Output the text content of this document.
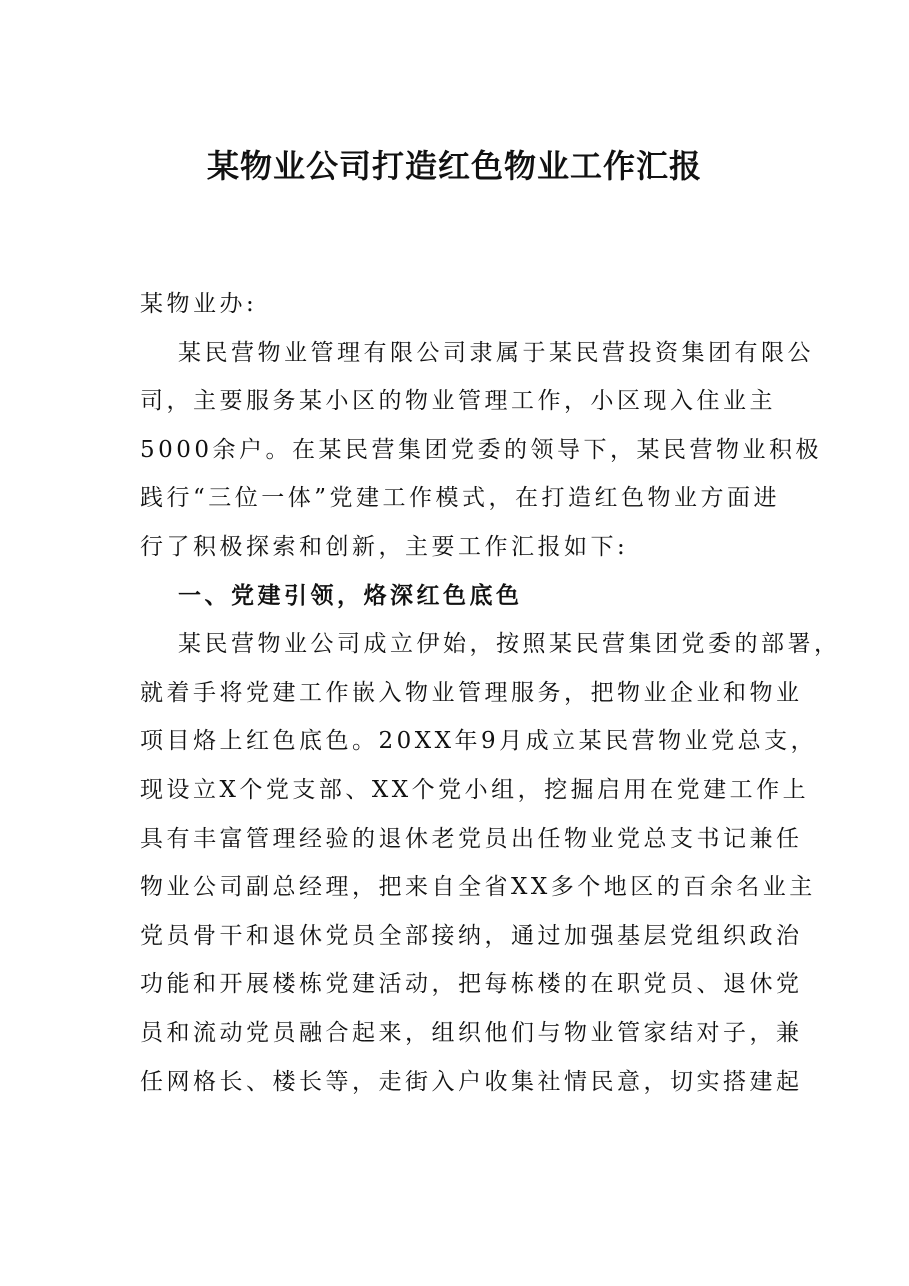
某物业公司打造红色物业工作汇报
某物业办:
某民营物业管理有限公司隶属于某民营投资集团有限公
司，主要服务某小区的物业管理工作，小区现入住业主
5000余户。在某民营集团党委的领导下，某民营物业积极
践行“三位一体”党建工作模式，在打造红色物业方面进
行了积极探索和创新，主要工作汇报如下:
一、党建引领，烙深红色底色
某民营物业公司成立伊始，按照某民营集团党委的部署，
就着手将党建工作嵌入物业管理服务，把物业企业和物业
项目烙上红色底色。20XX年9月成立某民营物业党总支，
现设立X个党支部、XX个党小组，挖掘启用在党建工作上
具有丰富管理经验的退休老党员出任物业党总支书记兼任
物业公司副总经理，把来自全省XX多个地区的百余名业主
党员骨干和退休党员全部接纳，通过加强基层党组织政治
功能和开展楼栋党建活动，把每栋楼的在职党员、退休党
员和流动党员融合起来，组织他们与物业管家结对子，兼
任网格长、楼长等，走街入户收集社情民意，切实搭建起
